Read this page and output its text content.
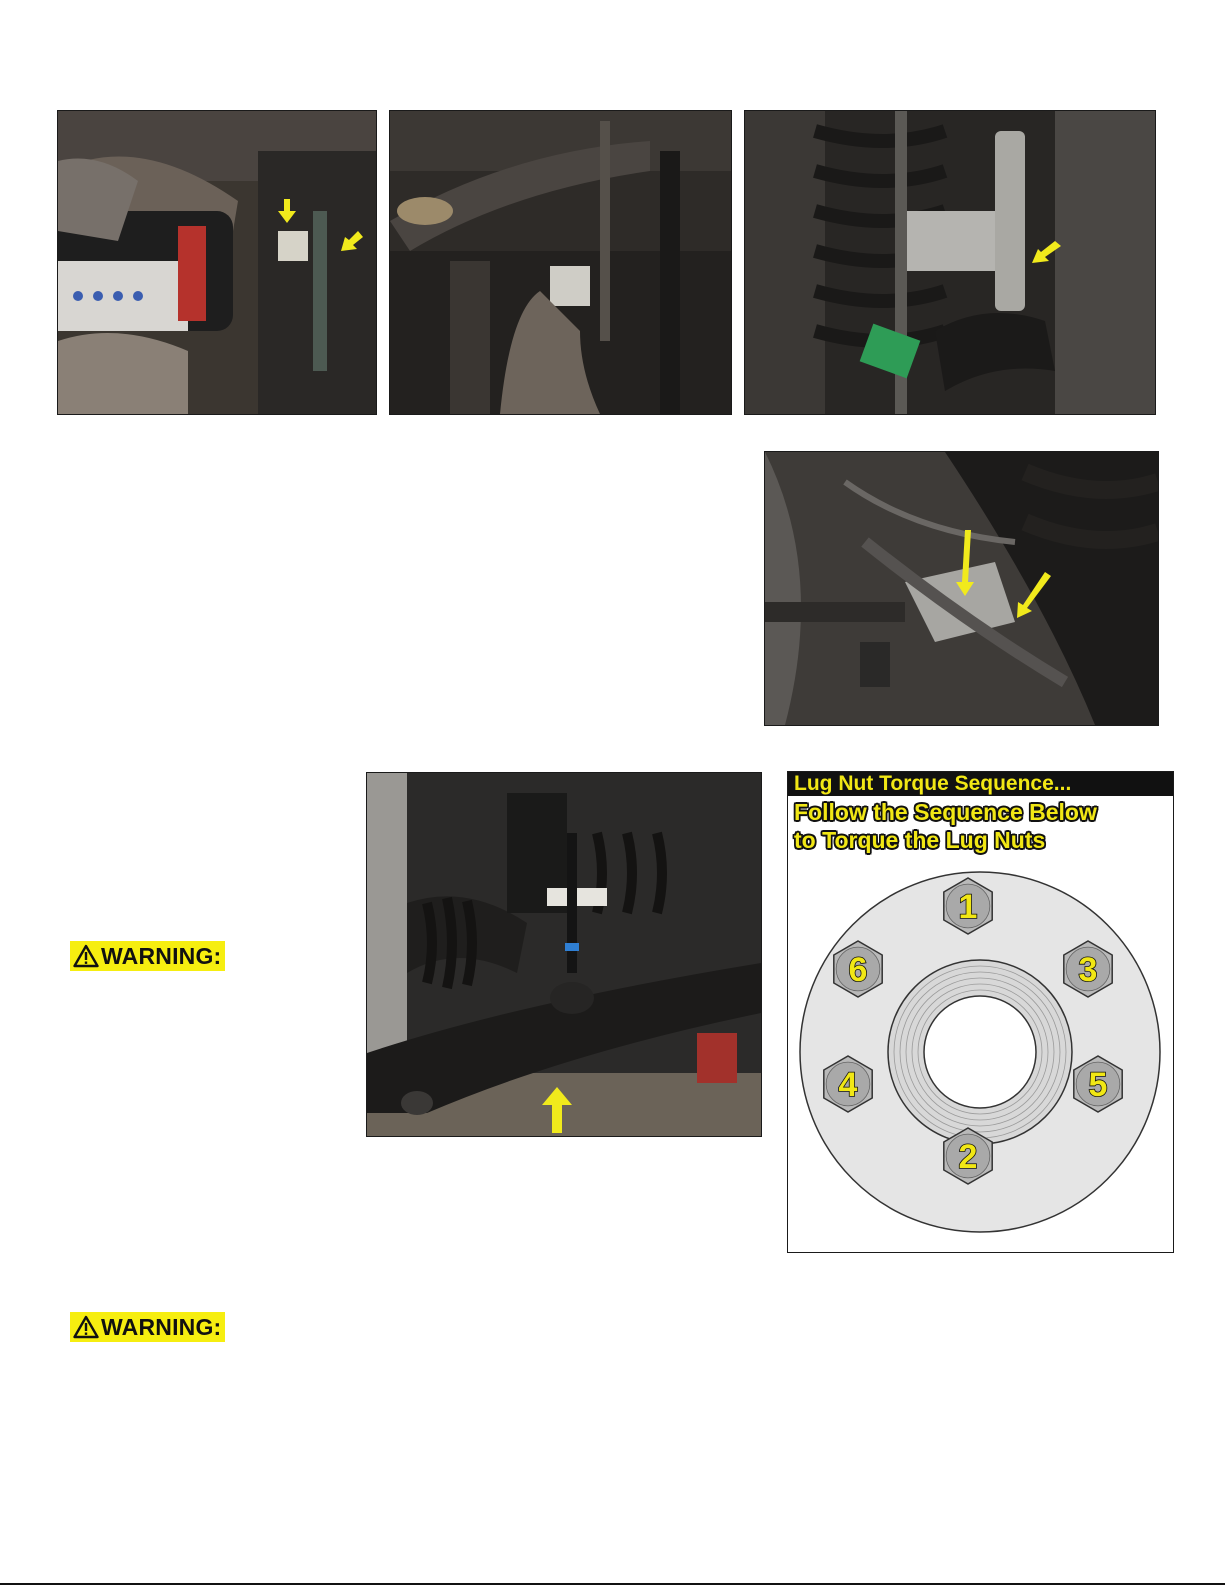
WARNING:
WARNING:
Lug Nut Torque Sequence...
Follow the Sequence Below
to Torque the Lug Nuts
1
2
3
4	5
6
